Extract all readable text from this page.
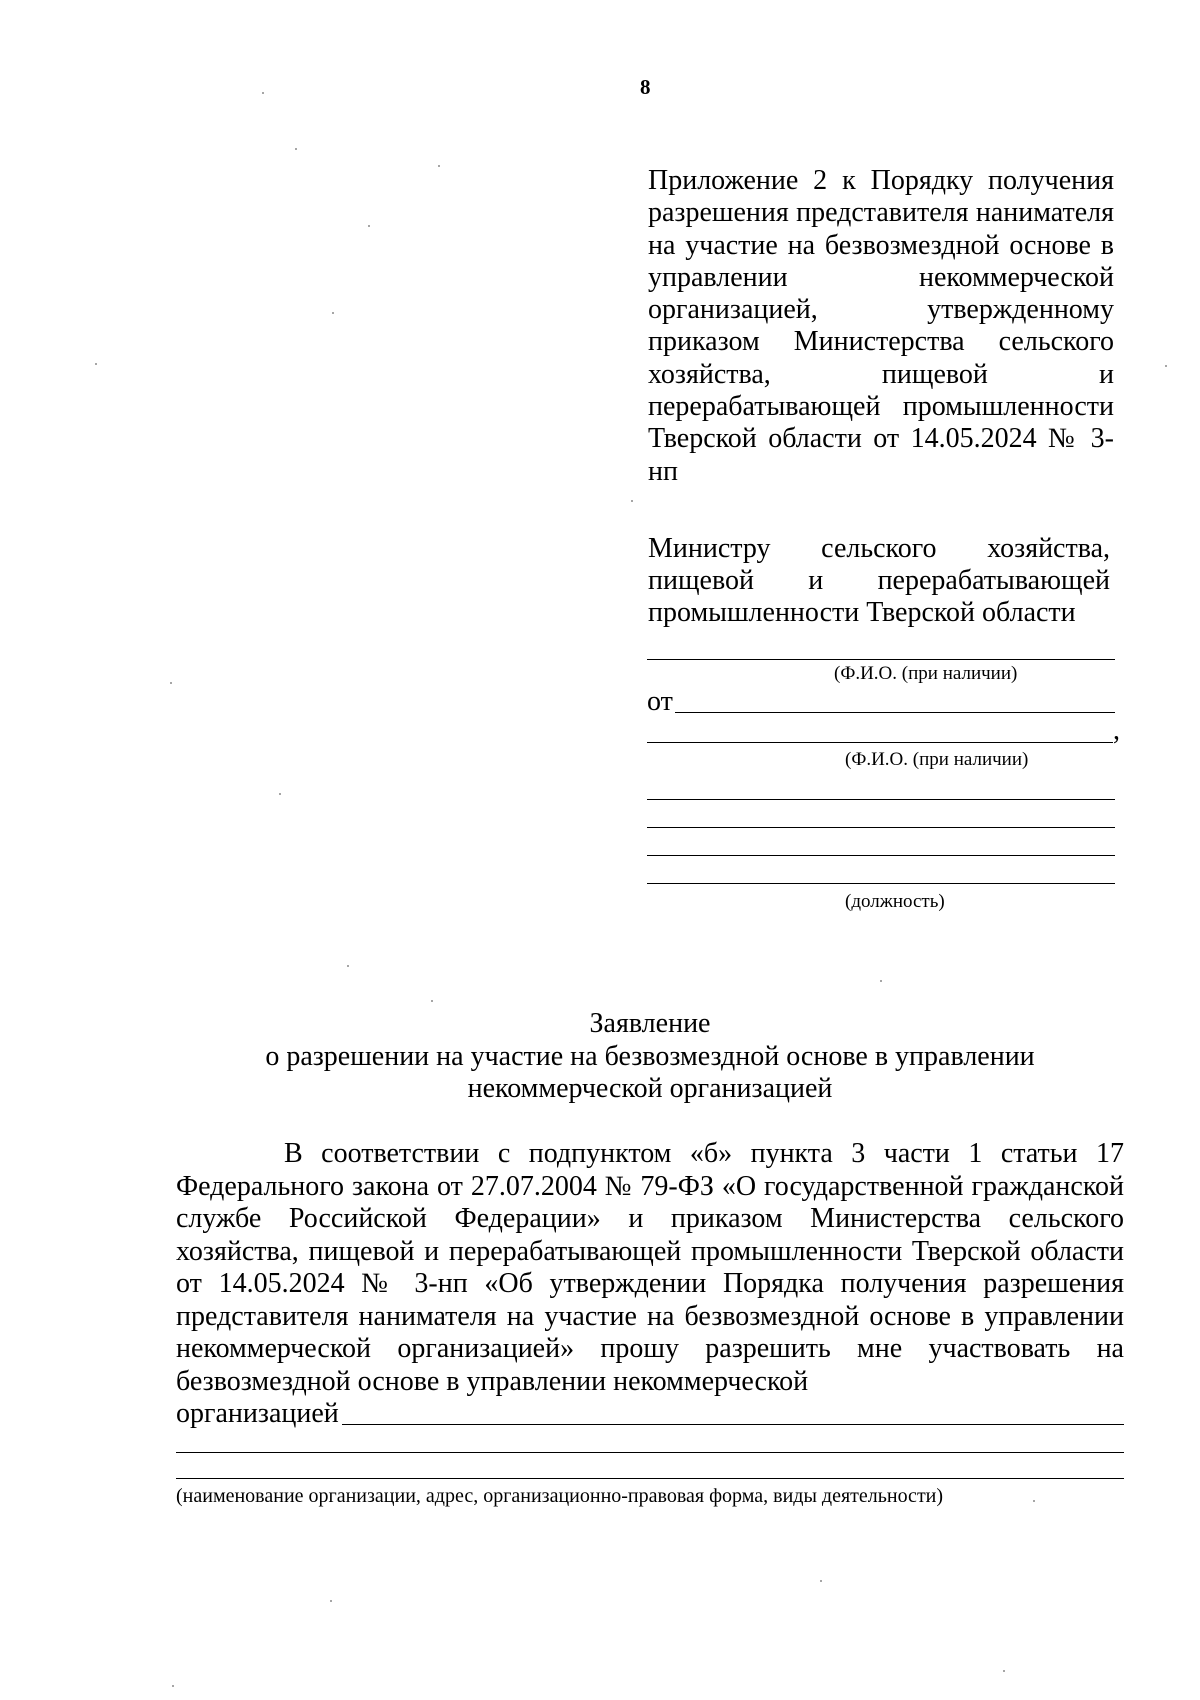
8
Приложение 2 к Порядку получения разрешения представителя нанимателя на участие на безвозмездной основе в управлении некоммерческой организацией, утвержденному приказом Министерства сельского хозяйства, пищевой и перерабатывающей промышленности Тверской области от 14.05.2024 № 3-нп
Министру сельского хозяйства, пищевой и перерабатывающей промышленности Тверской области
(Ф.И.О. (при наличии)
от
,
(Ф.И.О. (при наличии)
(должность)
Заявление
о разрешении на участие на безвозмездной основе в управлении
некоммерческой организацией
В соответствии с подпунктом «б» пункта 3 части 1 статьи 17 Федерального закона от 27.07.2004 № 79-ФЗ «О государственной гражданской службе Российской Федерации» и приказом Министерства сельского хозяйства, пищевой и перерабатывающей промышленности Тверской области от 14.05.2024 № 3-нп «Об утверждении Порядка получения разрешения представителя нанимателя на участие на безвозмездной основе в управлении некоммерческой организацией» прошу разрешить мне участвовать на безвозмездной основе в управлении некоммерческой
организацией
(наименование организации, адрес, организационно-правовая форма, виды деятельности)
